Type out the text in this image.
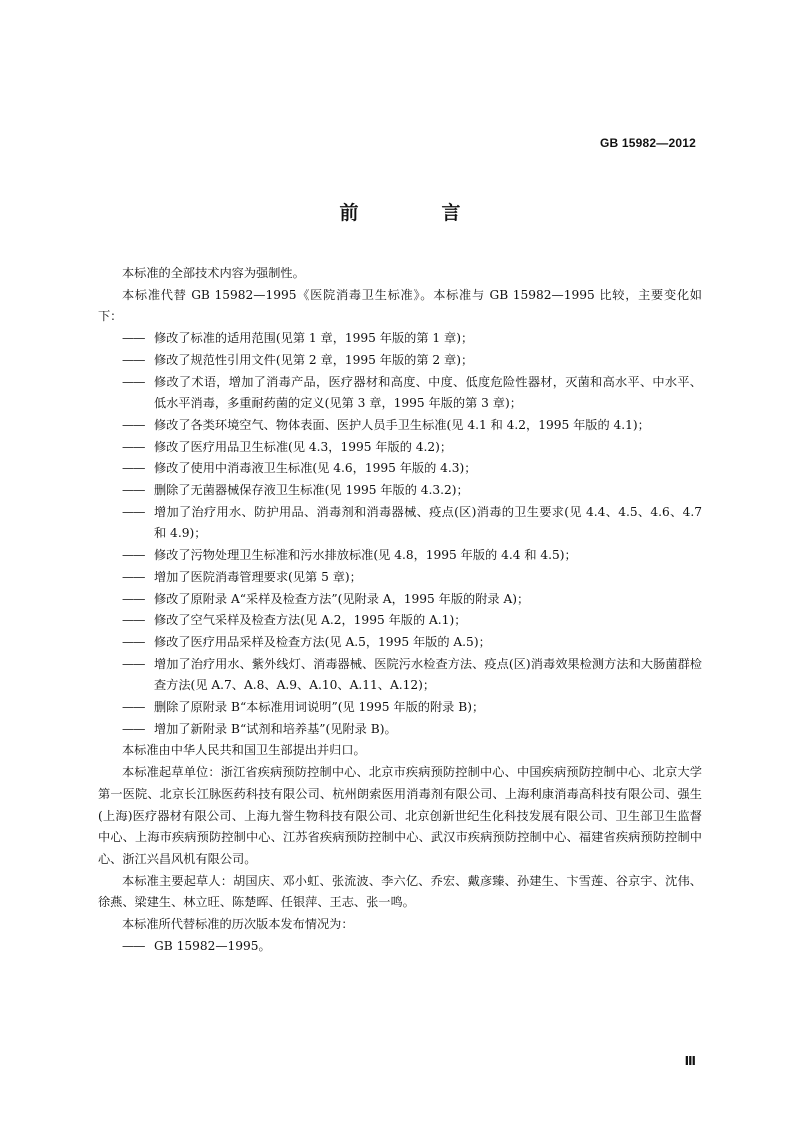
GB 15982—2012
前　言

本标准的全部技术内容为强制性。

本标准代替 GB 15982—1995《医院消毒卫生标准》。本标准与 GB 15982—1995 比较，主要变化如下：

—— 修改了标准的适用范围(见第 1 章，1995 年版的第 1 章)；

—— 修改了规范性引用文件(见第 2 章，1995 年版的第 2 章)；

—— 修改了术语，增加了消毒产品，医疗器材和高度、中度、低度危险性器材，灭菌和高水平、中水平、低水平消毒，多重耐药菌的定义(见第 3 章，1995 年版的第 3 章)；

—— 修改了各类环境空气、物体表面、医护人员手卫生标准(见 4.1 和 4.2，1995 年版的 4.1)；

—— 修改了医疗用品卫生标准(见 4.3，1995 年版的 4.2)；

—— 修改了使用中消毒液卫生标准(见 4.6，1995 年版的 4.3)；

—— 删除了无菌器械保存液卫生标准(见 1995 年版的 4.3.2)；

—— 增加了治疗用水、防护用品、消毒剂和消毒器械、疫点(区)消毒的卫生要求(见 4.4、4.5、4.6、4.7 和 4.9)；

—— 修改了污物处理卫生标准和污水排放标准(见 4.8，1995 年版的 4.4 和 4.5)；

—— 增加了医院消毒管理要求(见第 5 章)；

—— 修改了原附录 A“采样及检查方法”(见附录 A，1995 年版的附录 A)；

—— 修改了空气采样及检查方法(见 A.2，1995 年版的 A.1)；

—— 修改了医疗用品采样及检查方法(见 A.5，1995 年版的 A.5)；

—— 增加了治疗用水、紫外线灯、消毒器械、医院污水检查方法、疫点(区)消毒效果检测方法和大肠菌群检查方法(见 A.7、A.8、A.9、A.10、A.11、A.12)；

—— 删除了原附录 B“本标准用词说明”(见 1995 年版的附录 B)；

—— 增加了新附录 B“试剂和培养基”(见附录 B)。

本标准由中华人民共和国卫生部提出并归口。

本标准起草单位：浙江省疾病预防控制中心、北京市疾病预防控制中心、中国疾病预防控制中心、北京大学第一医院、北京长江脉医药科技有限公司、杭州朗索医用消毒剂有限公司、上海利康消毒高科技有限公司、强生(上海)医疗器材有限公司、上海九誉生物科技有限公司、北京创新世纪生化科技发展有限公司、卫生部卫生监督中心、上海市疾病预防控制中心、江苏省疾病预防控制中心、武汉市疾病预防控制中心、福建省疾病预防控制中心、浙江兴昌风机有限公司。

本标准主要起草人：胡国庆、邓小虹、张流波、李六亿、乔宏、戴彦臻、孙建生、卞雪莲、谷京宇、沈伟、徐燕、梁建生、林立旺、陈楚晖、任银萍、王志、张一鸣。

本标准所代替标准的历次版本发布情况为：

—— GB 15982—1995。

Ⅲ
